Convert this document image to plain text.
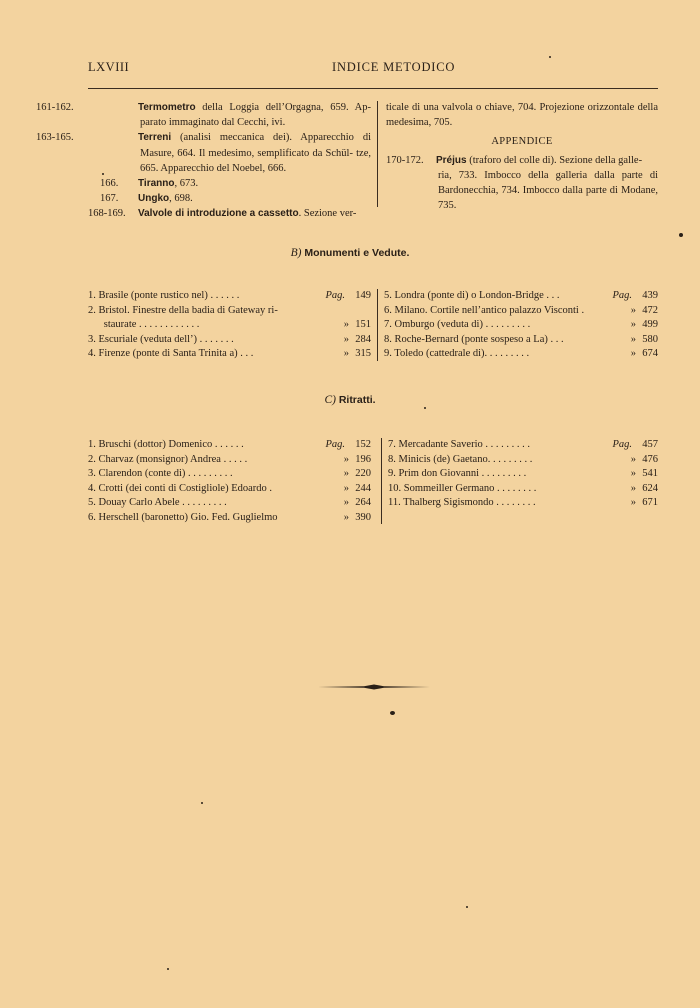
LXVIII	INDICE METODICO

161-162.	Termometro della Loggia dell’Orgagna, 659. Ap- parato immaginato dal Cecchi, ivi.

163-165.	Terreni (analisi meccanica dei). Apparecchio di Masure, 664. Il medesimo, semplificato da Schül- tze, 665. Apparecchio del Noebel, 666.

166. Tiranno, 673.

167. Ungko, 698.

168-169. Valvole di introduzione a cassetto. Sezione ver-

ticale di una valvola o chiave, 704. Projezione orizzontale della medesima, 705.

APPENDICE

170-172. Préjus (traforo del colle di). Sezione della galle-

ria, 733. Imbocco della galleria dalla parte di Bardonecchia, 734. Imbocco dalla parte di Modane, 735.

B) Monumenti e Vedute.
1. Brasile (ponte rustico nel) . . . . . .	Pag. 149
2. Bristol. Finestre della badia di Gateway ri-
staurate . . . . . . . . . . . .	» 151
3. Escuriale (veduta dell’) . . . . . . .	» 284
4. Firenze (ponte di Santa Trinita a) . . .	» 315
5. Londra (ponte di) o London-Bridge . . .	Pag. 439
6. Milano. Cortile nell’antico palazzo Visconti .	» 472
7. Omburgo (veduta di) . . . . . . . . .	» 499
8. Roche-Bernard (ponte sospeso a La) . . .	» 580
9. Toledo (cattedrale di). . . . . . . . .	» 674
C) Ritratti.
1. Bruschi (dottor) Domenico . . . . . .	Pag. 152
2. Charvaz (monsignor) Andrea . . . . .	» 196
3. Clarendon (conte di) . . . . . . . . .	» 220
4. Crotti (dei conti di Costigliole) Edoardo .	» 244
5. Douay Carlo Abele . . . . . . . . .	» 264
6. Herschell (baronetto) Gio. Fed. Guglielmo	» 390
7. Mercadante Saverio . . . . . . . . .	Pag. 457
8. Minicis (de) Gaetano. . . . . . . . .	» 476
9. Prim don Giovanni . . . . . . . . .	» 541
10. Sommeiller Germano . . . . . . . .	» 624
11. Thalberg Sigismondo . . . . . . . .	» 671
